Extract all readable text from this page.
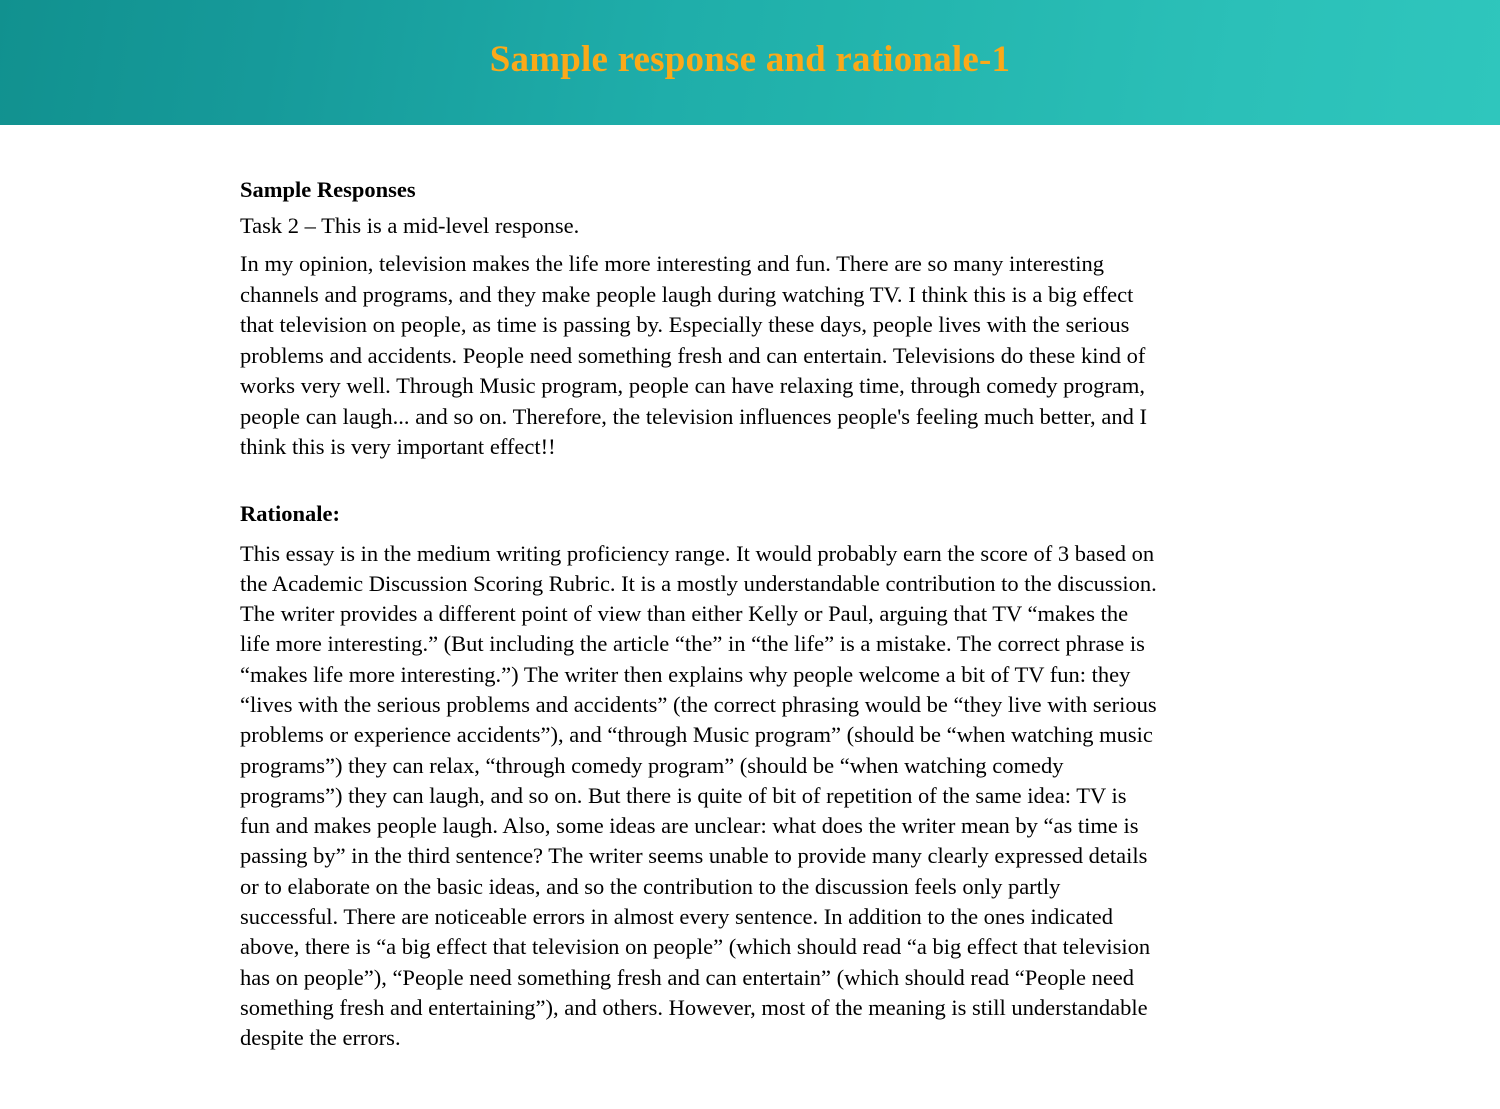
Sample response and rationale-1
Sample Responses
Task 2 – This is a mid-level response.

In my opinion, television makes the life more interesting and fun. There are so many interesting channels and programs, and they make people laugh during watching TV. I think this is a big effect that television on people, as time is passing by. Especially these days, people lives with the serious problems and accidents. People need something fresh and can entertain. Televisions do these kind of works very well. Through Music program, people can have relaxing time, through comedy program, people can laugh... and so on. Therefore, the television influences people's feeling much better, and I think this is very important effect!!

Rationale:

This essay is in the medium writing proficiency range. It would probably earn the score of 3 based on the Academic Discussion Scoring Rubric. It is a mostly understandable contribution to the discussion. The writer provides a different point of view than either Kelly or Paul, arguing that TV “makes the life more interesting.” (But including the article “the” in “the life” is a mistake. The correct phrase is “makes life more interesting.”) The writer then explains why people welcome a bit of TV fun: they “lives with the serious problems and accidents” (the correct phrasing would be “they live with serious problems or experience accidents”), and “through Music program” (should be “when watching music programs”) they can relax, “through comedy program” (should be “when watching comedy programs”) they can laugh, and so on. But there is quite of bit of repetition of the same idea: TV is fun and makes people laugh. Also, some ideas are unclear: what does the writer mean by “as time is passing by” in the third sentence? The writer seems unable to provide many clearly expressed details or to elaborate on the basic ideas, and so the contribution to the discussion feels only partly successful. There are noticeable errors in almost every sentence. In addition to the ones indicated above, there is “a big effect that television on people” (which should read “a big effect that television has on people”), “People need something fresh and can entertain” (which should read “People need something fresh and entertaining”), and others. However, most of the meaning is still understandable despite the errors.
